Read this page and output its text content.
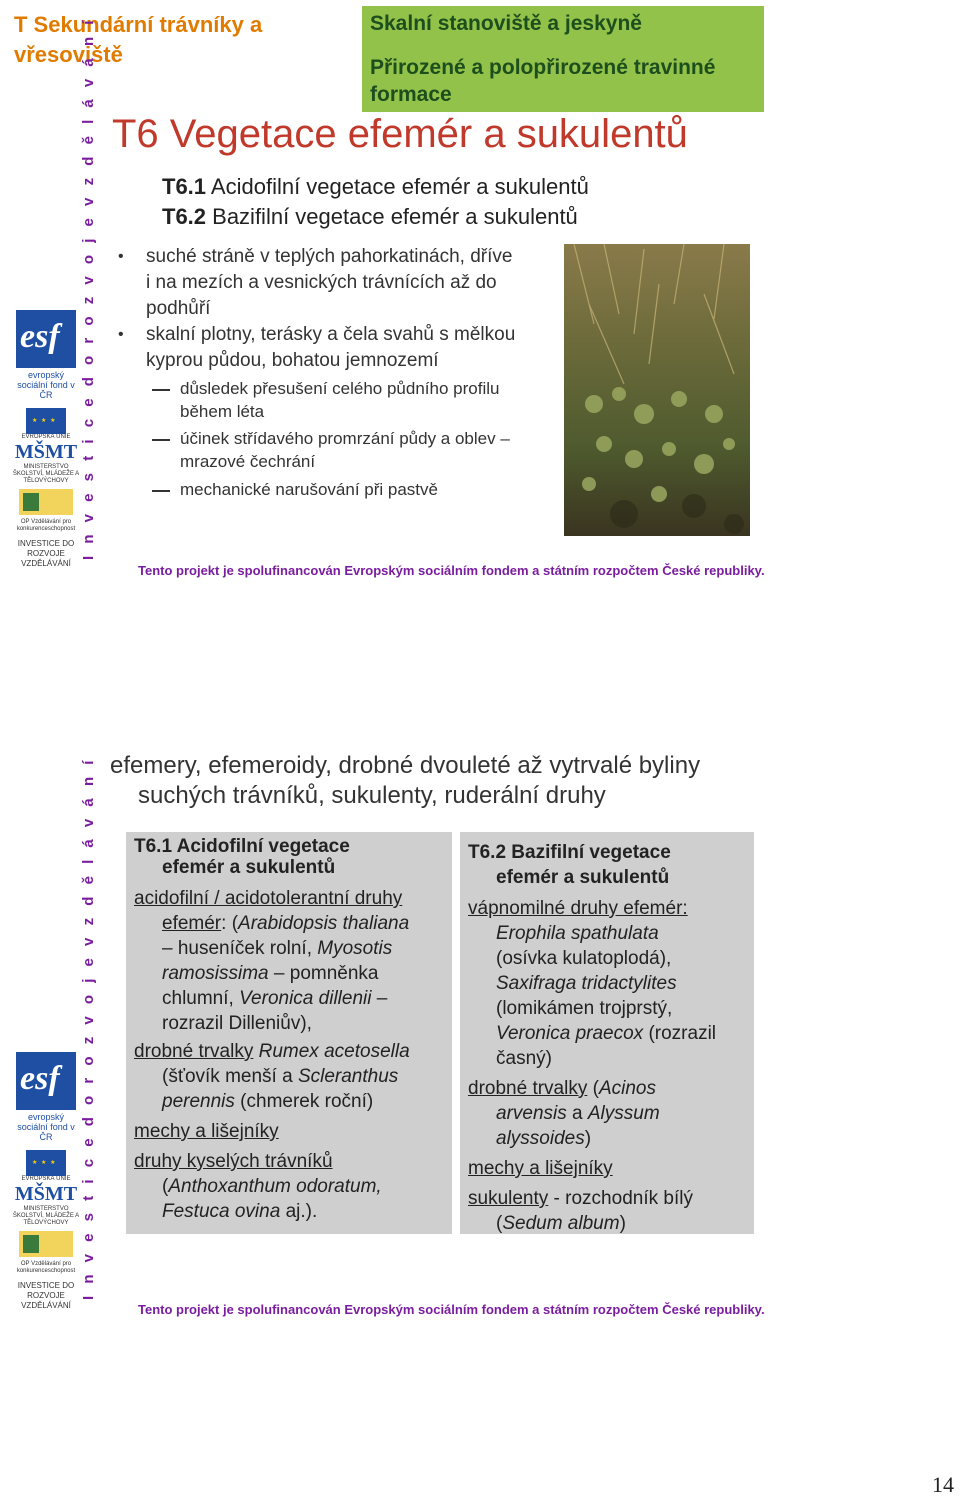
T Sekundární trávníky a vřesoviště
Skalní stanoviště a jeskyně
Přirozené a polopřirozené travinné formace
T6 Vegetace efemér a sukulentů
T6.1 Acidofilní vegetace efemér a sukulentů
T6.2 Bazifilní vegetace efemér a sukulentů
esf
evropský sociální fond v ČR
★ ★ ★
EVROPSKÁ UNIE
MŠMT
MINISTERSTVO ŠKOLSTVÍ, MLÁDEŽE A TĚLOVÝCHOVY
OP Vzdělávání pro konkurenceschopnost
INVESTICE DO ROZVOJE VZDĚLÁVÁNÍ
I n v e s t i c e d o r o z v o j e v z d ě l á v á n í • suché stráně v teplých pahorkatinách, dříve
i na mezích a vesnických trávnících až do
podhůří
• skalní plotny, terásky a čela svahů s mělkou
kyprou půdou, bohatou jemnozemí
důsledek přesušení celého půdního profilu
během léta
účinek střídavého promrzání půdy a oblev –
mrazové čechrání
mechanické narušování při pastvě
Tento projekt je spolufinancován Evropským sociálním fondem a státním rozpočtem České republiky.
efemery, efemeroidy, drobné dvouleté až vytrvalé byliny
suchých trávníků, sukulenty, ruderální druhy
esf
evropský sociální fond v ČR
★ ★ ★
EVROPSKÁ UNIE
MŠMT
MINISTERSTVO ŠKOLSTVÍ, MLÁDEŽE A TĚLOVÝCHOVY
OP Vzdělávání pro konkurenceschopnost
INVESTICE DO ROZVOJE VZDĚLÁVÁNÍ
I n v e s t i c e d o r o z v o j e v z d ě l á v á n í T6.1 Acidofilní vegetace
efemér a sukulentů
acidofilní / acidotolerantní druhy
efemér: (Arabidopsis thaliana
– huseníček rolní, Myosotis
ramosissima – pomněnka
chlumní, Veronica dillenii –
rozrazil Dilleniův),
drobné trvalky Rumex acetosella
(šťovík menší a Scleranthus
perennis (chmerek roční)
mechy a lišejníky
druhy kyselých trávníků
(Anthoxanthum odoratum,
Festuca ovina aj.).
T6.2 Bazifilní vegetace
efemér a sukulentů
vápnomilné druhy efemér:
Erophila spathulata
(osívka kulatoplodá),
Saxifraga tridactylites
(lomikámen trojprstý,
Veronica praecox (rozrazil
časný)
drobné trvalky (Acinos
arvensis a Alyssum
alyssoides)
mechy a lišejníky
sukulenty - rozchodník bílý
(Sedum album)
Tento projekt je spolufinancován Evropským sociálním fondem a státním rozpočtem České republiky.
14
